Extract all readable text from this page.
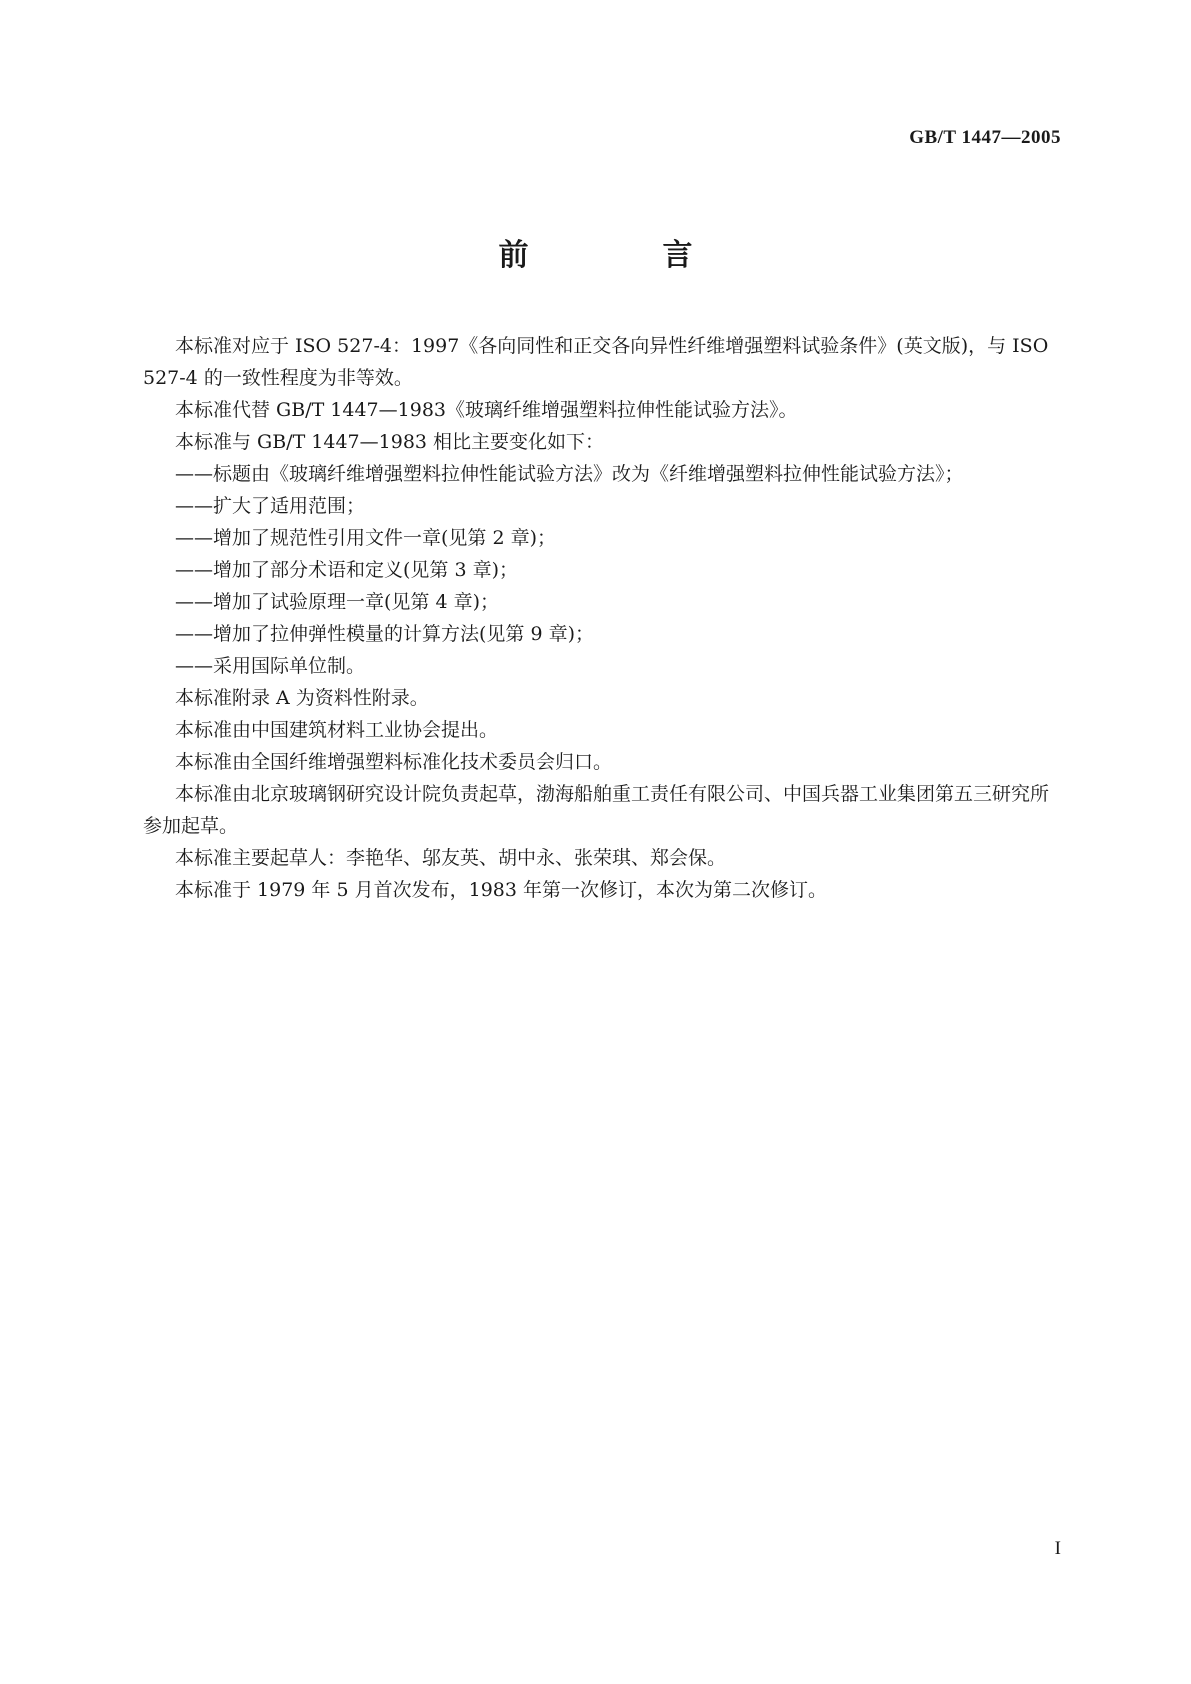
GB/T 1447—2005
前　言

本标准对应于 ISO 527-4：1997《各向同性和正交各向异性纤维增强塑料试验条件》(英文版)，与 ISO 527-4 的一致性程度为非等效。

本标准代替 GB/T 1447—1983《玻璃纤维增强塑料拉伸性能试验方法》。

本标准与 GB/T 1447—1983 相比主要变化如下：

——标题由《玻璃纤维增强塑料拉伸性能试验方法》改为《纤维增强塑料拉伸性能试验方法》；

——扩大了适用范围；

——增加了规范性引用文件一章(见第 2 章)；

——增加了部分术语和定义(见第 3 章)；

——增加了试验原理一章(见第 4 章)；

——增加了拉伸弹性模量的计算方法(见第 9 章)；

——采用国际单位制。

本标准附录 A 为资料性附录。

本标准由中国建筑材料工业协会提出。

本标准由全国纤维增强塑料标准化技术委员会归口。

本标准由北京玻璃钢研究设计院负责起草，渤海船舶重工责任有限公司、中国兵器工业集团第五三研究所参加起草。

本标准主要起草人：李艳华、邬友英、胡中永、张荣琪、郑会保。

本标准于 1979 年 5 月首次发布，1983 年第一次修订，本次为第二次修订。

I
